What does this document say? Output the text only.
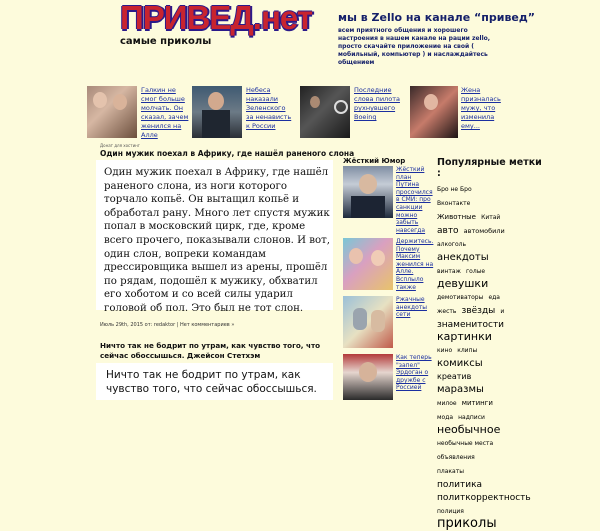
ПРИВЕД.нет
самые приколы
мы в Zello на канале “привед”
всем приятного общения и хорошего настроения в нашем канале на рации zello, просто скачайте приложение на свой ( мобильный, компьютер ) и наслаждайтесь общением
Галкин не смог больше молчать. Он сказал, зачем женился на Алле
Небеса наказали Зеленского за ненависть к России
Последние слова пилота рухнувшего Boeing
Жена призналась мужу, что изменила ему...
Донат для хостинг
Один мужик поехал в Африку, где нашёл раненого слона
Один мужик поехал в Африку, где нашёл раненого слона, из ноги которого торчало копьё. Он вытащил копьё и обработал рану. Много лет спустя мужик попал в московский цирк, где, кроме всего прочего, показывали слонов. И вот, один слон, вопреки командам дрессировщика вышел из арены, прошёл по рядам, подошёл к мужику, обхватил его хоботом и со всей силы ударил головой об пол. Это был не тот слон.
Июль 29th, 2015 от: redaktor | Нет комментариев »
Ничто так не бодрит по утрам, как чувство того, что сейчас обоссышься. Джейсон Стетхэм
Ничто так не бодрит по утрам, как чувство того, что сейчас обоссышься.
Жёсткий Юмор
Жёсткий план Путина просочился в СМИ: про санкции можно забыть навсегда
Держитесь. Почему Максим женился на Алле. Всплыло также
Ржачные анекдоты сети
Как теперь "запел" Эрдоган о дружбе с Россией
Популярные метки :
Бро не Бро Вконтакте Животные Китай авто автомобили алкоголь анекдоты винтаж голые девушки демотиваторы еда жесть звёзды и знаменитости картинки кино клипы комиксы креатив маразмы милое митинги мода надписи необычное необычные места объявления плакаты политика политкорректность полиция приколы
